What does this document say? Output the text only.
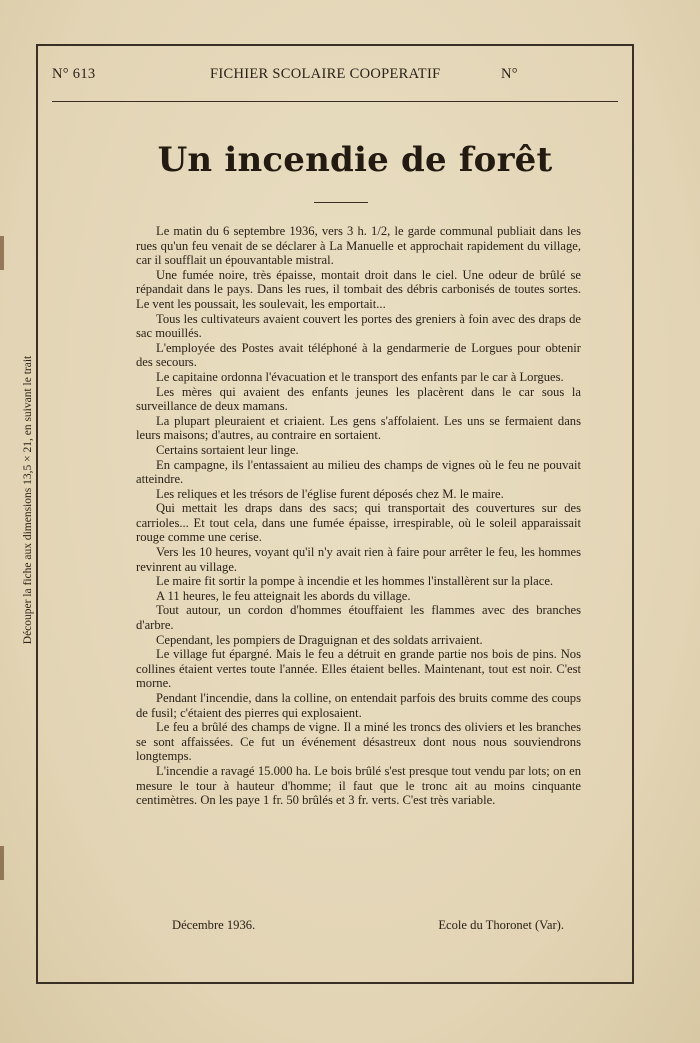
Découper la fiche aux dimensions 13,5 × 21, en suivant le trait
N° 613	FICHIER SCOLAIRE COOPERATIF	N°
Un incendie de forêt

Le matin du 6 septembre 1936, vers 3 h. 1/2, le garde communal publiait dans les rues qu'un feu venait de se déclarer à La Manuelle et approchait rapidement du village, car il soufflait un épouvantable mistral.

Une fumée noire, très épaisse, montait droit dans le ciel. Une odeur de brûlé se répandait dans le pays. Dans les rues, il tombait des débris carbonisés de toutes sortes. Le vent les poussait, les soulevait, les emportait...

Tous les cultivateurs avaient couvert les portes des greniers à foin avec des draps de sac mouillés.

L'employée des Postes avait téléphoné à la gendarmerie de Lorgues pour obtenir des secours.

Le capitaine ordonna l'évacuation et le transport des enfants par le car à Lorgues.

Les mères qui avaient des enfants jeunes les placèrent dans le car sous la surveillance de deux mamans.

La plupart pleuraient et criaient. Les gens s'affolaient. Les uns se fermaient dans leurs maisons; d'autres, au contraire en sortaient.

Certains sortaient leur linge.

En campagne, ils l'entassaient au milieu des champs de vignes où le feu ne pouvait atteindre.

Les reliques et les trésors de l'église furent déposés chez M. le maire.

Qui mettait les draps dans des sacs; qui transportait des couvertures sur des carrioles... Et tout cela, dans une fumée épaisse, irrespirable, où le soleil apparaissait rouge comme une cerise.

Vers les 10 heures, voyant qu'il n'y avait rien à faire pour arrêter le feu, les hommes revinrent au village.

Le maire fit sortir la pompe à incendie et les hommes l'installèrent sur la place.

A 11 heures, le feu atteignait les abords du village.

Tout autour, un cordon d'hommes étouffaient les flammes avec des branches d'arbre.

Cependant, les pompiers de Draguignan et des soldats arrivaient.

Le village fut épargné. Mais le feu a détruit en grande partie nos bois de pins. Nos collines étaient vertes toute l'année. Elles étaient belles. Maintenant, tout est noir. C'est morne.

Pendant l'incendie, dans la colline, on entendait parfois des bruits comme des coups de fusil; c'étaient des pierres qui explosaient.

Le feu a brûlé des champs de vigne. Il a miné les troncs des oliviers et les branches se sont affaissées. Ce fut un événement désastreux dont nous nous souviendrons longtemps.

L'incendie a ravagé 15.000 ha. Le bois brûlé s'est presque tout vendu par lots; on en mesure le tour à hauteur d'homme; il faut que le tronc ait au moins cinquante centimètres. On les paye 1 fr. 50 brûlés et 3 fr. verts. C'est très variable.

Décembre 1936.	Ecole du Thoronet (Var).
